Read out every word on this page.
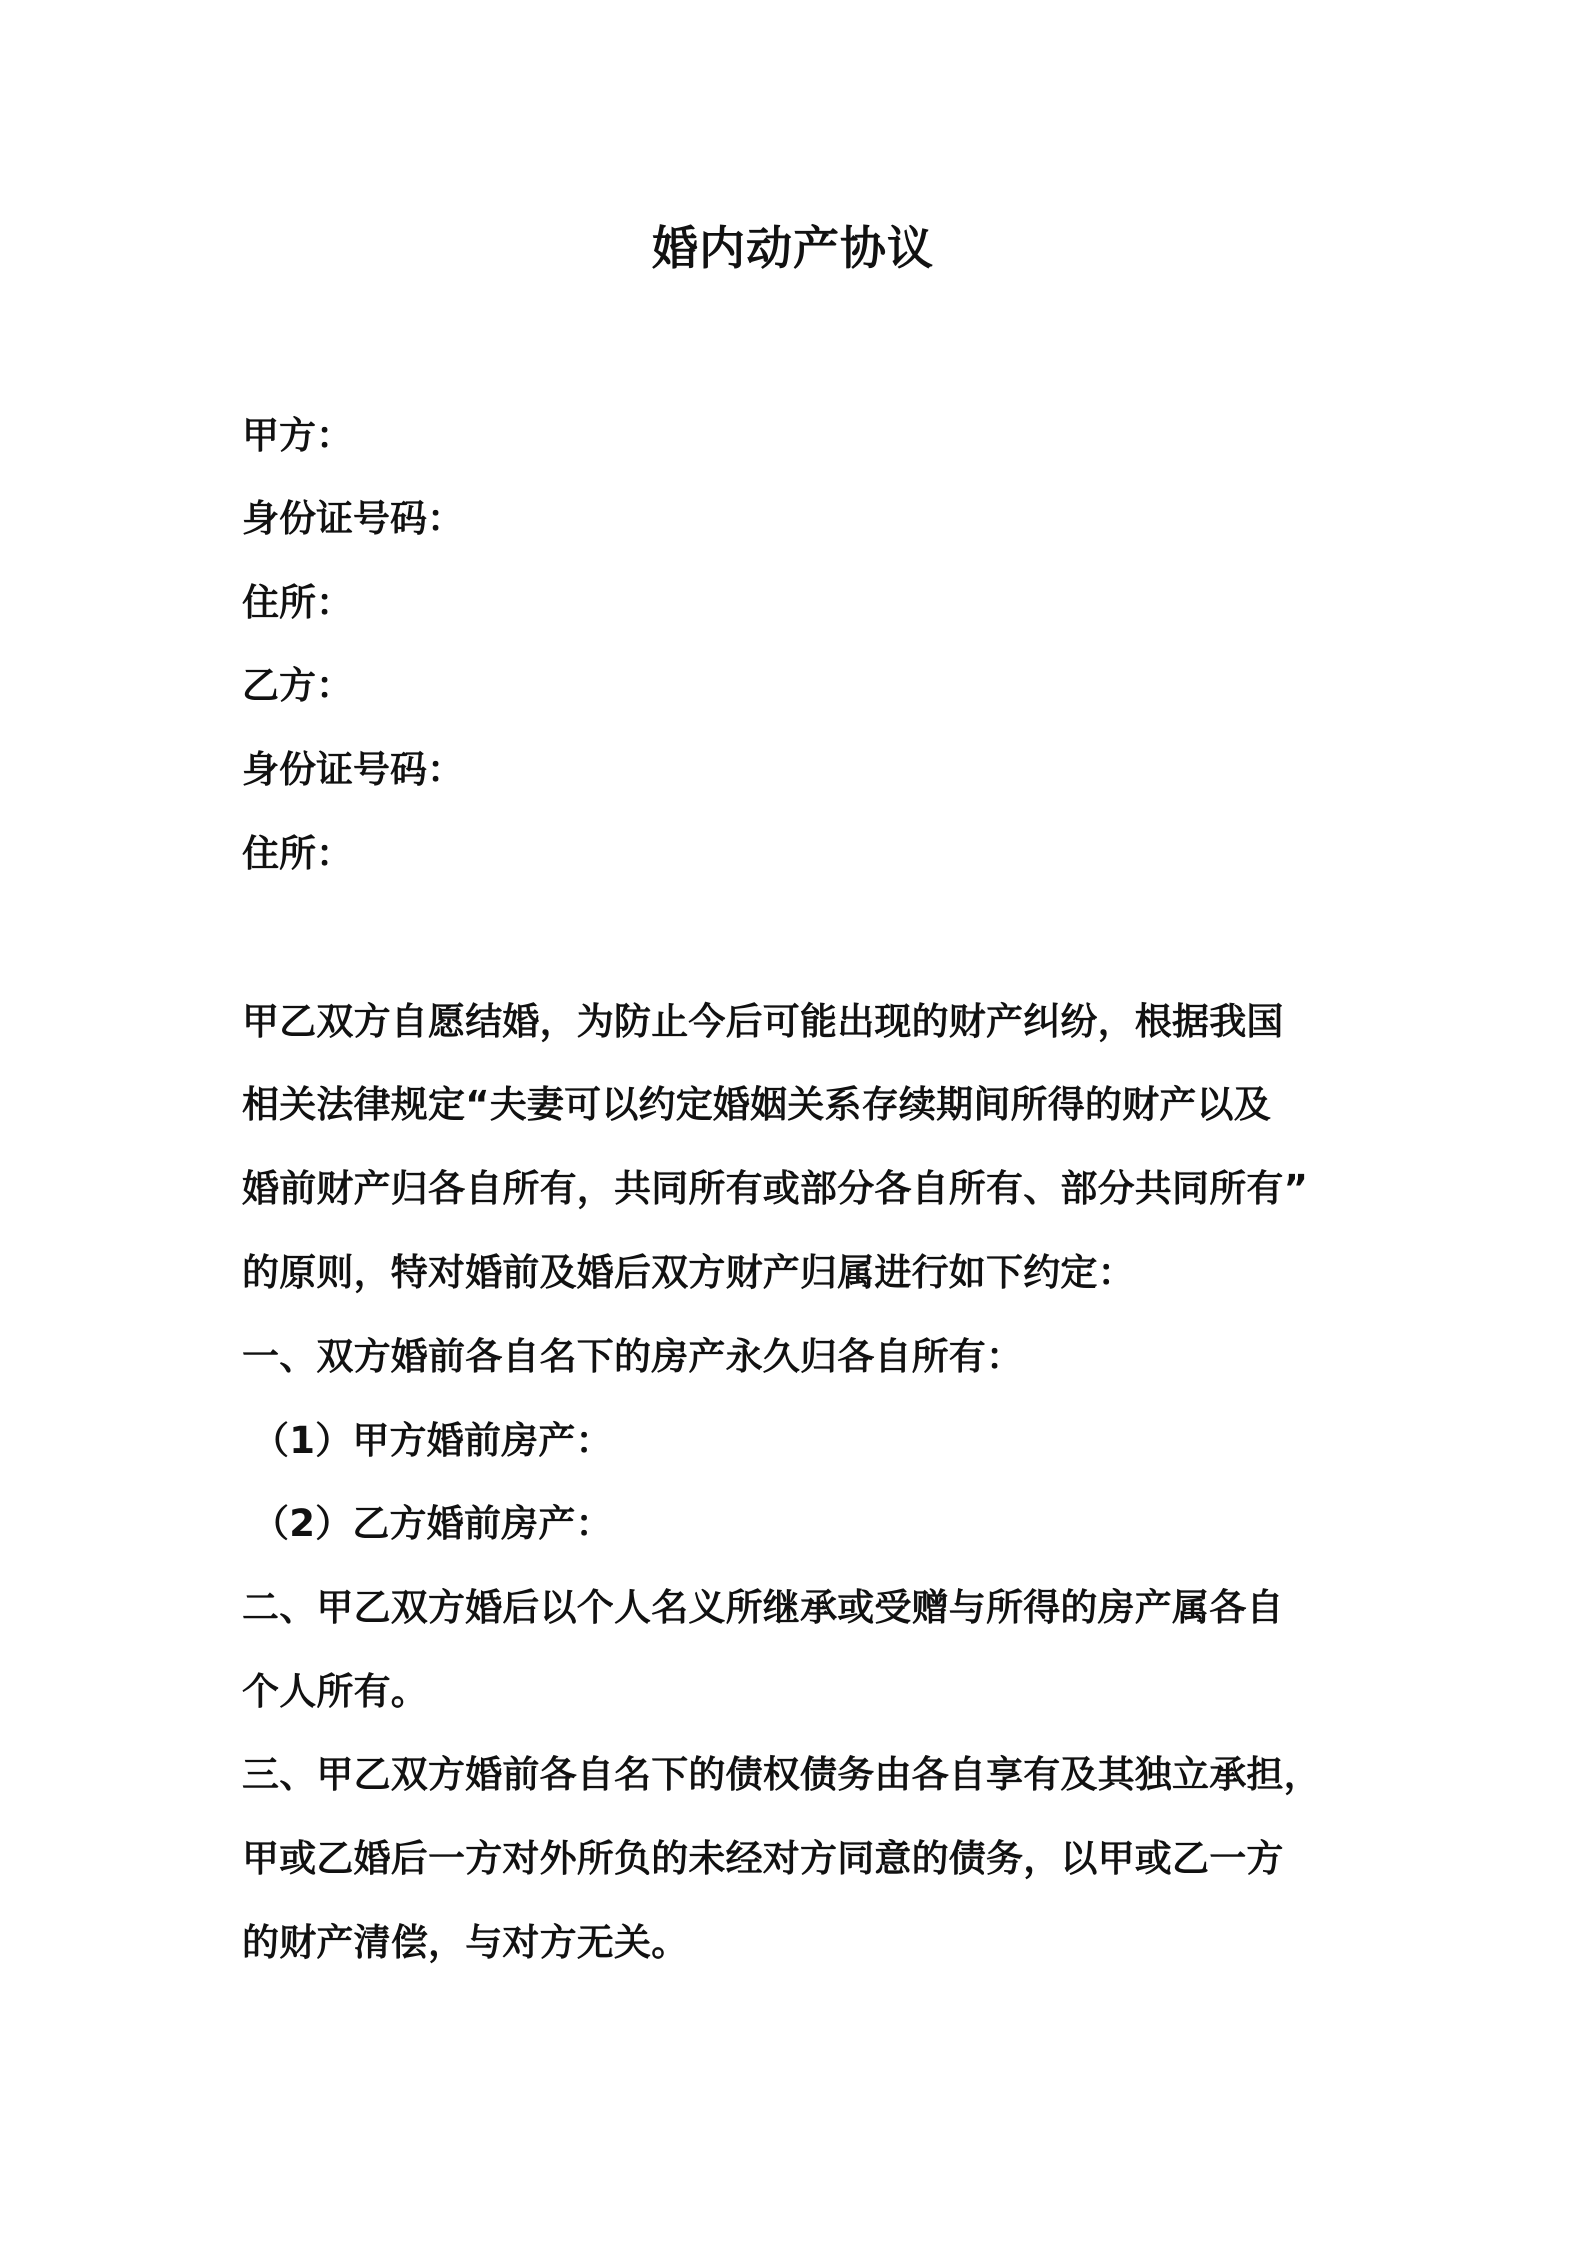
婚内动产协议
甲方：
身份证号码：
住所：
乙方：
身份证号码：
住所：
甲乙双方自愿结婚，为防止今后可能出现的财产纠纷，根据我国
相关法律规定“夫妻可以约定婚姻关系存续期间所得的财产以及
婚前财产归各自所有，共同所有或部分各自所有、部分共同所有”
的原则，特对婚前及婚后双方财产归属进行如下约定：
一、双方婚前各自名下的房产永久归各自所有：
（1）甲方婚前房产：
（2）乙方婚前房产：
二、甲乙双方婚后以个人名义所继承或受赠与所得的房产属各自
个人所有。
三、甲乙双方婚前各自名下的债权债务由各自享有及其独立承担，
甲或乙婚后一方对外所负的未经对方同意的债务，以甲或乙一方
的财产清偿，与对方无关。
